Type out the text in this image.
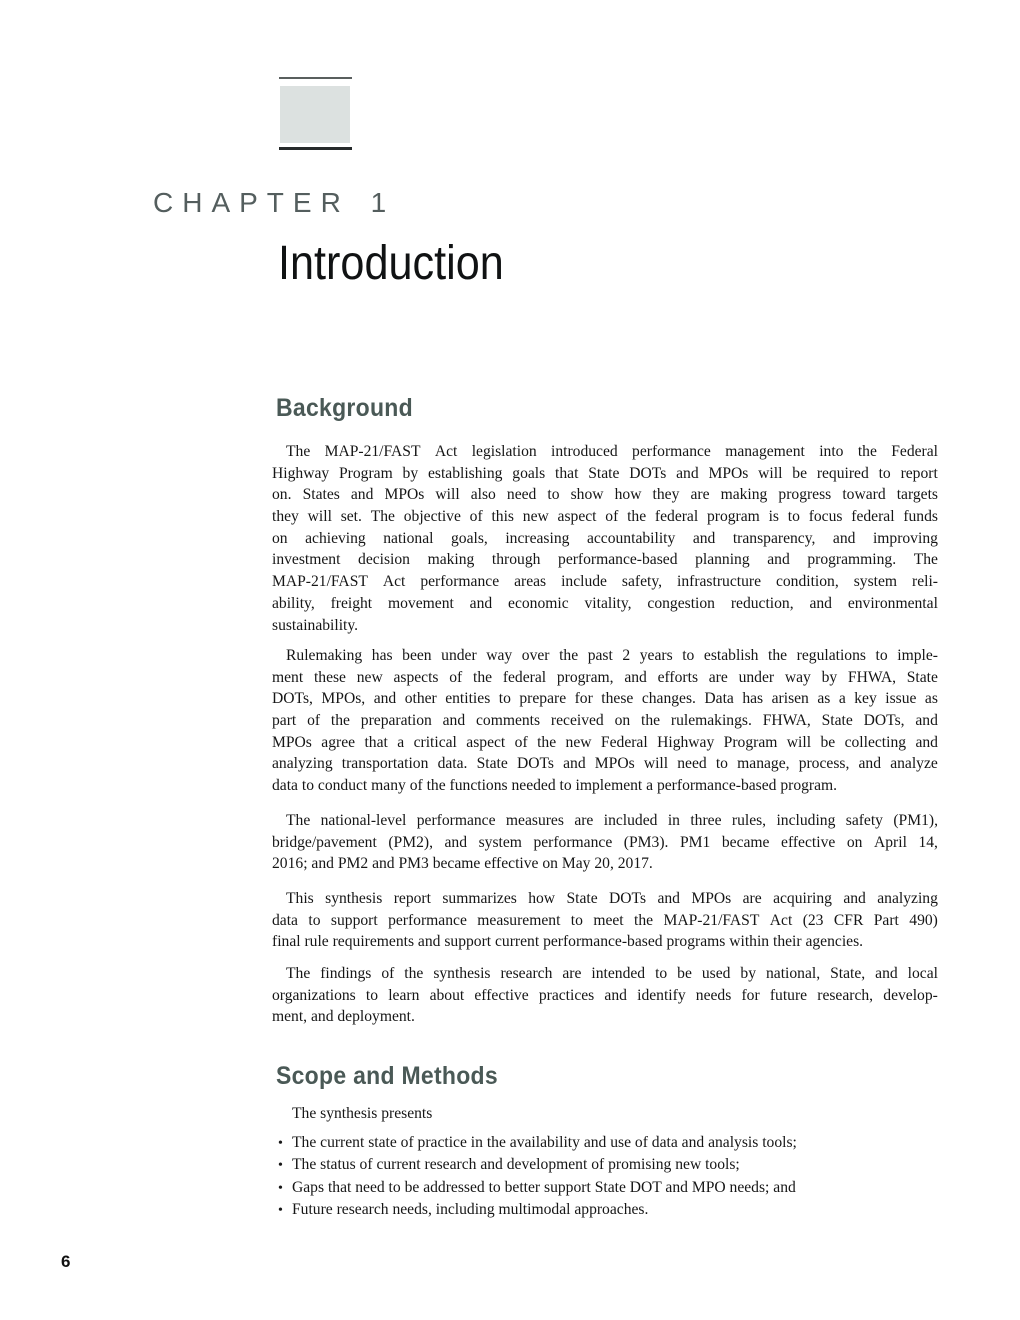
CHAPTER 1
Introduction
Background
The MAP-21/FAST Act legislation introduced performance management into the Federal
Highway Program by establishing goals that State DOTs and MPOs will be required to report
on. States and MPOs will also need to show how they are making progress toward targets
they will set. The objective of this new aspect of the federal program is to focus federal funds
on achieving national goals, increasing accountability and transparency, and improving
investment decision making through performance-based planning and programming. The
MAP-21/FAST Act performance areas include safety, infrastructure condition, system reli-
ability, freight movement and economic vitality, congestion reduction, and environmental
sustainability.
Rulemaking has been under way over the past 2 years to establish the regulations to imple-
ment these new aspects of the federal program, and efforts are under way by FHWA, State
DOTs, MPOs, and other entities to prepare for these changes. Data has arisen as a key issue as
part of the preparation and comments received on the rulemakings. FHWA, State DOTs, and
MPOs agree that a critical aspect of the new Federal Highway Program will be collecting and
analyzing transportation data. State DOTs and MPOs will need to manage, process, and analyze
data to conduct many of the functions needed to implement a performance-based program.
The national-level performance measures are included in three rules, including safety (PM1),
bridge/pavement (PM2), and system performance (PM3). PM1 became effective on April 14,
2016; and PM2 and PM3 became effective on May 20, 2017.
This synthesis report summarizes how State DOTs and MPOs are acquiring and analyzing
data to support performance measurement to meet the MAP-21/FAST Act (23 CFR Part 490)
final rule requirements and support current performance-based programs within their agencies.
The findings of the synthesis research are intended to be used by national, State, and local
organizations to learn about effective practices and identify needs for future research, develop-
ment, and deployment.
Scope and Methods
The synthesis presents
• The current state of practice in the availability and use of data and analysis tools;
• The status of current research and development of promising new tools;
• Gaps that need to be addressed to better support State DOT and MPO needs; and
• Future research needs, including multimodal approaches.
6
